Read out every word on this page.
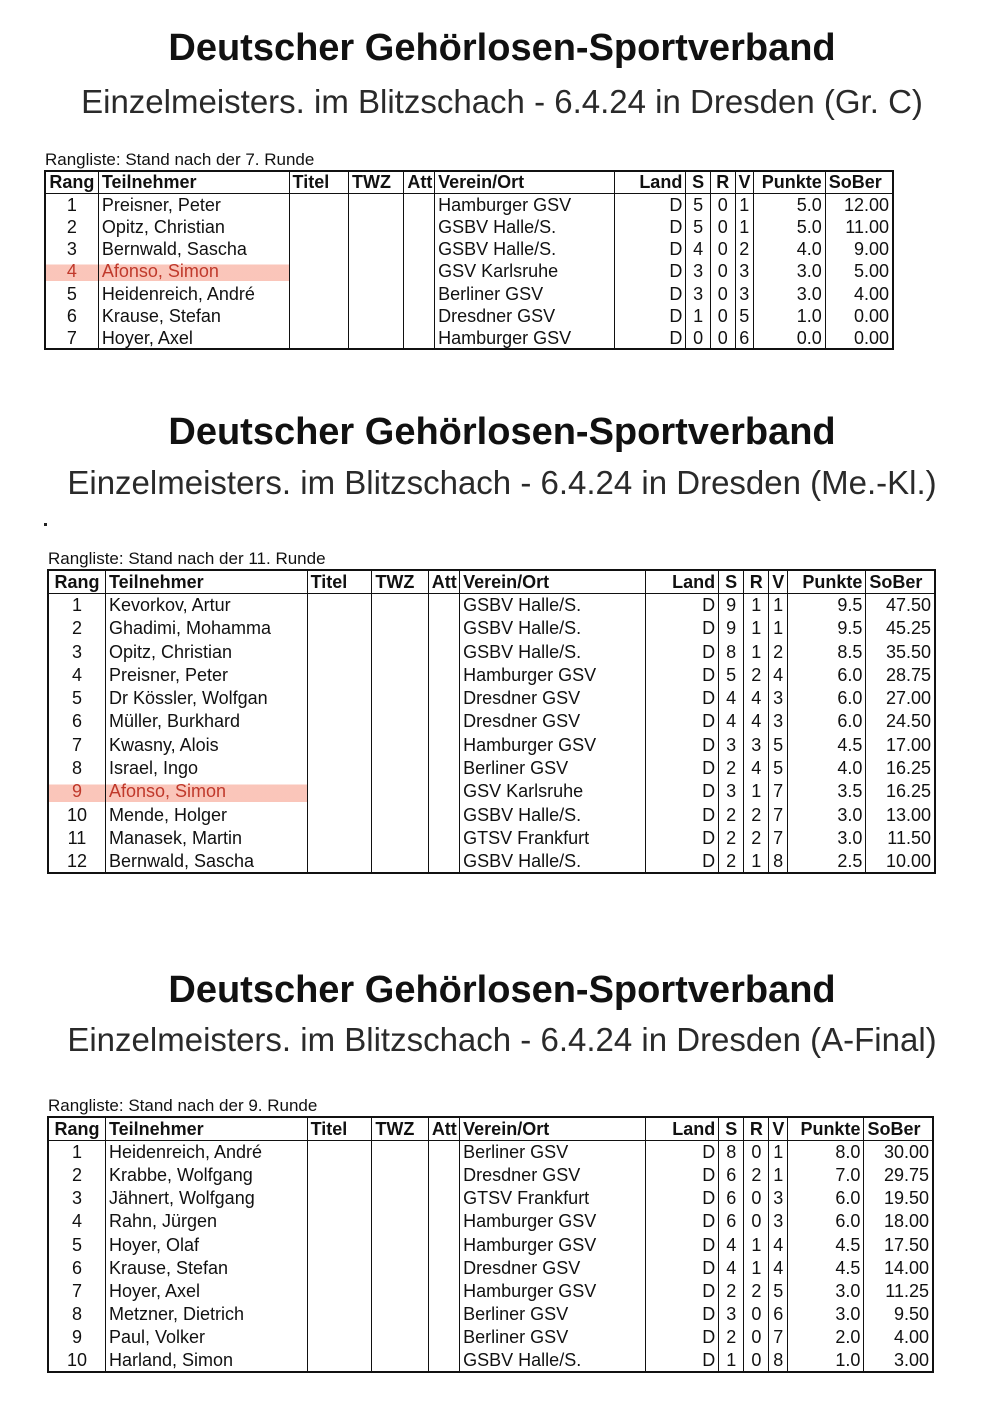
Deutscher Gehörlosen-Sportverband
Einzelmeisters. im Blitzschach - 6.4.24 in Dresden (Gr. C)
Rangliste: Stand nach der 7. Runde
Rang	Teilnehmer	Titel	TWZ	Att	Verein/Ort	Land	S	R	V	Punkte	SoBer
1	Preisner, Peter				Hamburger GSV	D	5	0	1	5.0	12.00
2	Opitz, Christian				GSBV Halle/S.	D	5	0	1	5.0	11.00
3	Bernwald, Sascha				GSBV Halle/S.	D	4	0	2	4.0	9.00
4	Afonso, Simon				GSV Karlsruhe	D	3	0	3	3.0	5.00
5	Heidenreich, André				Berliner GSV	D	3	0	3	3.0	4.00
6	Krause, Stefan				Dresdner GSV	D	1	0	5	1.0	0.00
7	Hoyer, Axel				Hamburger GSV	D	0	0	6	0.0	0.00
Deutscher Gehörlosen-Sportverband
Einzelmeisters. im Blitzschach - 6.4.24 in Dresden (Me.-Kl.)
Rangliste: Stand nach der 11. Runde
Rang	Teilnehmer	Titel	TWZ	Att	Verein/Ort	Land	S	R	V	Punkte	SoBer
1	Kevorkov, Artur				GSBV Halle/S.	D	9	1	1	9.5	47.50
2	Ghadimi, Mohamma				GSBV Halle/S.	D	9	1	1	9.5	45.25
3	Opitz, Christian				GSBV Halle/S.	D	8	1	2	8.5	35.50
4	Preisner, Peter				Hamburger GSV	D	5	2	4	6.0	28.75
5	Dr Kössler, Wolfgan				Dresdner GSV	D	4	4	3	6.0	27.00
6	Müller, Burkhard				Dresdner GSV	D	4	4	3	6.0	24.50
7	Kwasny, Alois				Hamburger GSV	D	3	3	5	4.5	17.00
8	Israel, Ingo				Berliner GSV	D	2	4	5	4.0	16.25
9	Afonso, Simon				GSV Karlsruhe	D	3	1	7	3.5	16.25
10	Mende, Holger				GSBV Halle/S.	D	2	2	7	3.0	13.00
11	Manasek, Martin				GTSV Frankfurt	D	2	2	7	3.0	11.50
12	Bernwald, Sascha				GSBV Halle/S.	D	2	1	8	2.5	10.00
Deutscher Gehörlosen-Sportverband
Einzelmeisters. im Blitzschach - 6.4.24 in Dresden (A-Final)
Rangliste: Stand nach der 9. Runde
Rang	Teilnehmer	Titel	TWZ	Att	Verein/Ort	Land	S	R	V	Punkte	SoBer
1	Heidenreich, André				Berliner GSV	D	8	0	1	8.0	30.00
2	Krabbe, Wolfgang				Dresdner GSV	D	6	2	1	7.0	29.75
3	Jähnert, Wolfgang				GTSV Frankfurt	D	6	0	3	6.0	19.50
4	Rahn, Jürgen				Hamburger GSV	D	6	0	3	6.0	18.00
5	Hoyer, Olaf				Hamburger GSV	D	4	1	4	4.5	17.50
6	Krause, Stefan				Dresdner GSV	D	4	1	4	4.5	14.00
7	Hoyer, Axel				Hamburger GSV	D	2	2	5	3.0	11.25
8	Metzner, Dietrich				Berliner GSV	D	3	0	6	3.0	9.50
9	Paul, Volker				Berliner GSV	D	2	0	7	2.0	4.00
10	Harland, Simon				GSBV Halle/S.	D	1	0	8	1.0	3.00
